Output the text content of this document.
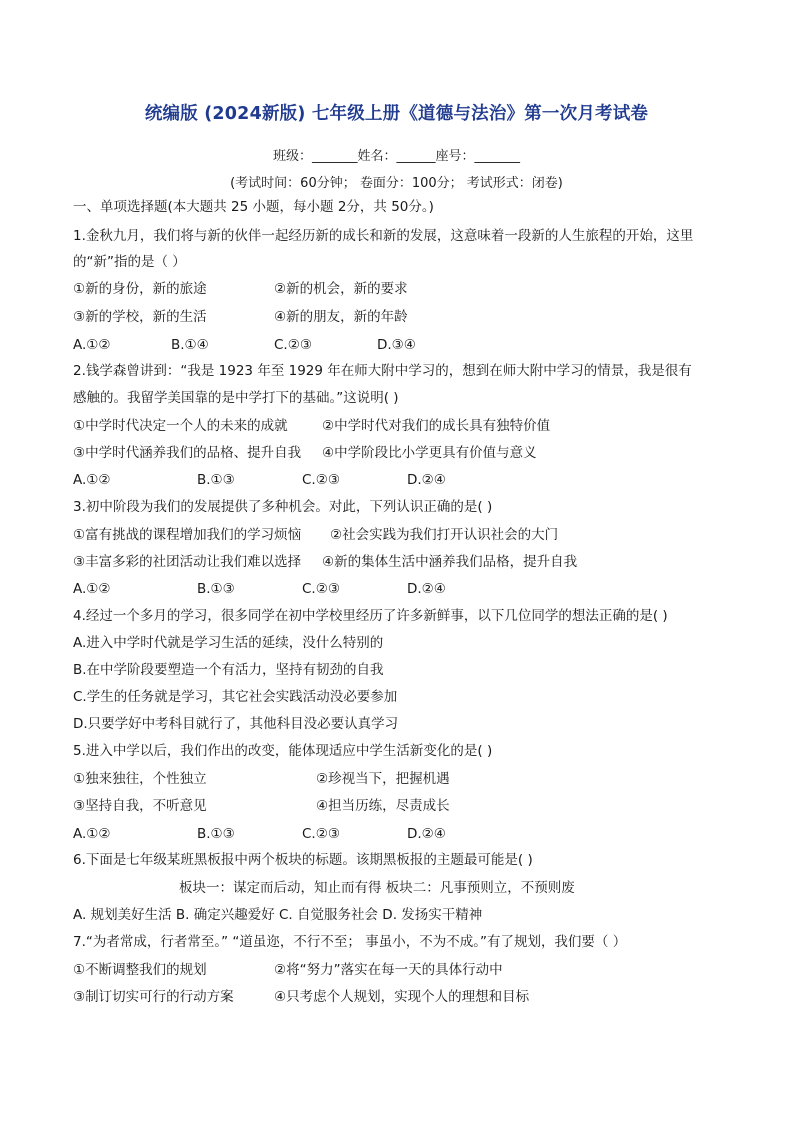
统编版 (2024新版) 七年级上册《道德与法治》第一次月考试卷
班级：_______姓名：______座号：_______
(考试时间：60分钟； 卷面分：100分； 考试形式：闭卷)
一、单项选择题(本大题共 25 小题，每小题 2分，共 50分。)
1.金秋九月，我们将与新的伙伴一起经历新的成长和新的发展，这意味着一段新的人生旅程的开始，这里
的“新”指的是（ ）
①新的身份，新的旅途	②新的机会，新的要求
③新的学校，新的生活	④新的朋友，新的年龄
A.①②	B.①④	C.②③	D.③④
2.钱学森曾讲到：“我是 1923 年至 1929 年在师大附中学习的，想到在师大附中学习的情景，我是很有
感触的。我留学美国靠的是中学打下的基础。”这说明( )
①中学时代决定一个人的未来的成就	②中学时代对我们的成长具有独特价值
③中学时代涵养我们的品格、提升自我 ④中学阶段比小学更具有价值与意义
A.①②	B.①③	C.②③	D.②④
3.初中阶段为我们的发展提供了多种机会。对此，下列认识正确的是( )
①富有挑战的课程增加我们的学习烦恼 ②社会实践为我们打开认识社会的大门
③丰富多彩的社团活动让我们难以选择 ④新的集体生活中涵养我们品格，提升自我
A.①②	B.①③	C.②③	D.②④
4.经过一个多月的学习，很多同学在初中学校里经历了许多新鲜事，以下几位同学的想法正确的是( )
A.进入中学时代就是学习生活的延续，没什么特别的
B.在中学阶段要塑造一个有活力，坚持有韧劲的自我
C.学生的任务就是学习，其它社会实践活动没必要参加
D.只要学好中考科目就行了，其他科目没必要认真学习
5.进入中学以后，我们作出的改变，能体现适应中学生活新变化的是( )
①独来独往，个性独立	②珍视当下，把握机遇
③坚持自我，不听意见	④担当历练，尽责成长
A.①②	B.①③	C.②③	D.②④
6.下面是七年级某班黑板报中两个板块的标题。该期黑板报的主题最可能是( )
板块一：谋定而后动，知止而有得 板块二：凡事预则立，不预则废
A. 规划美好生活 B. 确定兴趣爱好 C. 自觉服务社会 D. 发扬实干精神
7.“为者常成，行者常至。” “道虽迩，不行不至； 事虽小，不为不成。”有了规划，我们要（ ）
①不断调整我们的规划	②将“努力”落实在每一天的具体行动中
③制订切实可行的行动方案	④只考虑个人规划，实现个人的理想和目标
